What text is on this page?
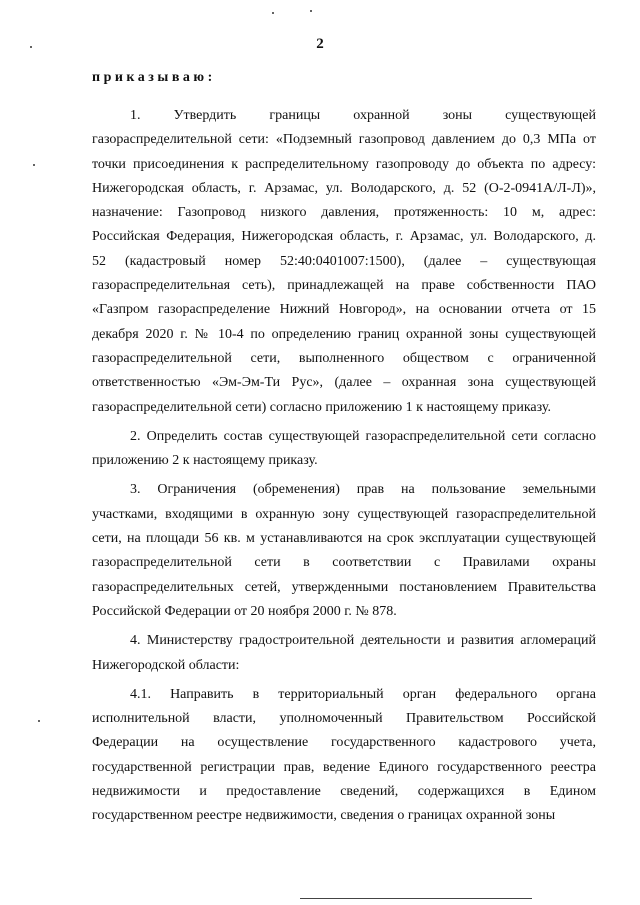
2
приказываю:
1. Утвердить границы охранной зоны существующей
газораспределительной сети: «Подземный газопровод давлением до 0,3 МПа от
точки присоединения к распределительному газопроводу до объекта по адресу:
Нижегородская область, г. Арзамас, ул. Володарского, д. 52 (О-2-0941А/Л-Л)»,
назначение: Газопровод низкого давления, протяженность: 10 м, адрес:
Российская Федерация, Нижегородская область, г. Арзамас, ул. Володарского, д.
52 (кадастровый номер 52:40:0401007:1500), (далее – существующая
газораспределительная сеть), принадлежащей на праве собственности ПАО
«Газпром газораспределение Нижний Новгород», на основании отчета от 15
декабря 2020 г. № 10-4 по определению границ охранной зоны существующей
газораспределительной сети, выполненного обществом с ограниченной
ответственностью «Эм-Эм-Ти Рус», (далее – охранная зона существующей
газораспределительной сети) согласно приложению 1 к настоящему приказу.
2. Определить состав существующей газораспределительной сети согласно
приложению 2 к настоящему приказу.
3. Ограничения (обременения) прав на пользование земельными
участками, входящими в охранную зону существующей газораспределительной
сети, на площади 56 кв. м устанавливаются на срок эксплуатации существующей
газораспределительной сети в соответствии с Правилами охраны
газораспределительных сетей, утвержденными постановлением Правительства
Российской Федерации от 20 ноября 2000 г. № 878.
4. Министерству градостроительной деятельности и развития агломераций
Нижегородской области:
4.1. Направить в территориальный орган федерального органа
исполнительной власти, уполномоченный Правительством Российской
Федерации на осуществление государственного кадастрового учета,
государственной регистрации прав, ведение Единого государственного реестра
недвижимости и предоставление сведений, содержащихся в Едином
государственном реестре недвижимости, сведения о границах охранной зоны
